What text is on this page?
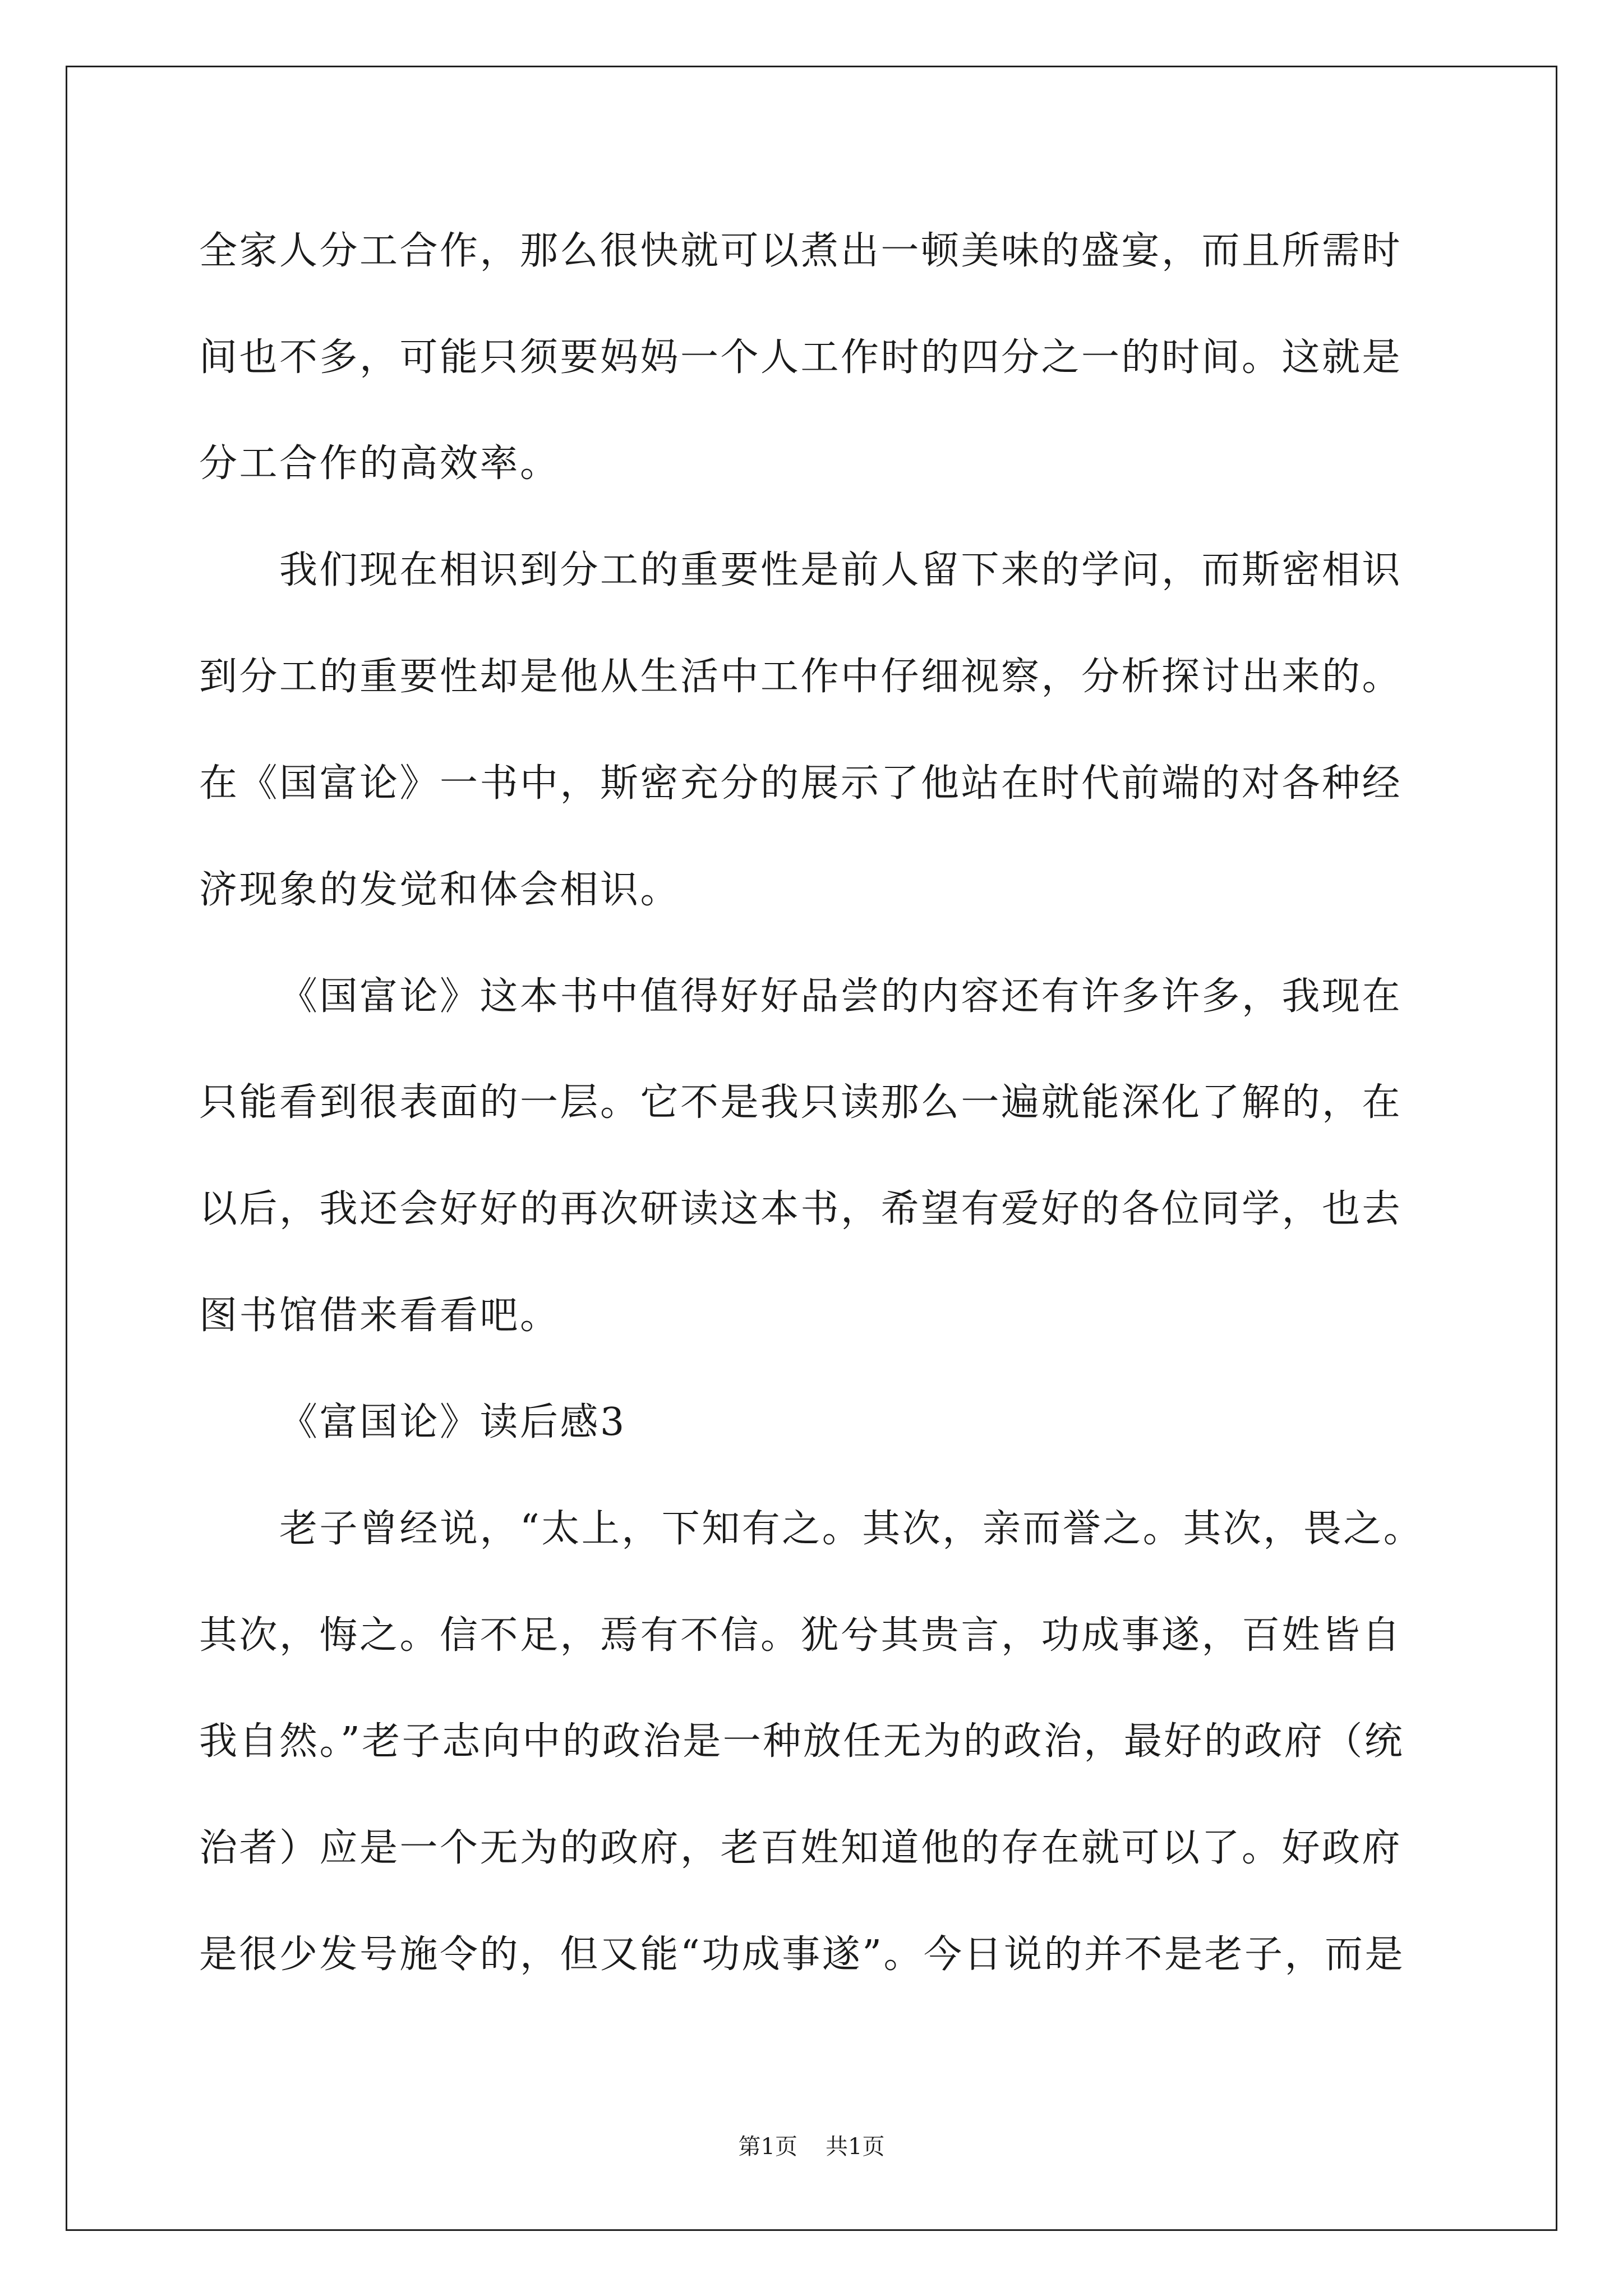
全家人分工合作，那么很快就可以煮出一顿美味的盛宴，而且所需时
间也不多，可能只须要妈妈一个人工作时的四分之一的时间。这就是
分工合作的高效率。
我们现在相识到分工的重要性是前人留下来的学问，而斯密相识
到分工的重要性却是他从生活中工作中仔细视察，分析探讨出来的。
在《国富论》一书中，斯密充分的展示了他站在时代前端的对各种经
济现象的发觉和体会相识。
《国富论》这本书中值得好好品尝的内容还有许多许多，我现在
只能看到很表面的一层。它不是我只读那么一遍就能深化了解的，在
以后，我还会好好的再次研读这本书，希望有爱好的各位同学，也去
图书馆借来看看吧。
《富国论》读后感3
老子曾经说，“太上，下知有之。其次，亲而誉之。其次，畏之。
其次，悔之。信不足，焉有不信。犹兮其贵言，功成事遂，百姓皆自
我自然。”老子志向中的政治是一种放任无为的政治，最好的政府（统
治者）应是一个无为的政府，老百姓知道他的存在就可以了。好政府
是很少发号施令的，但又能“功成事遂”。今日说的并不是老子，而是
第1页 共1页
